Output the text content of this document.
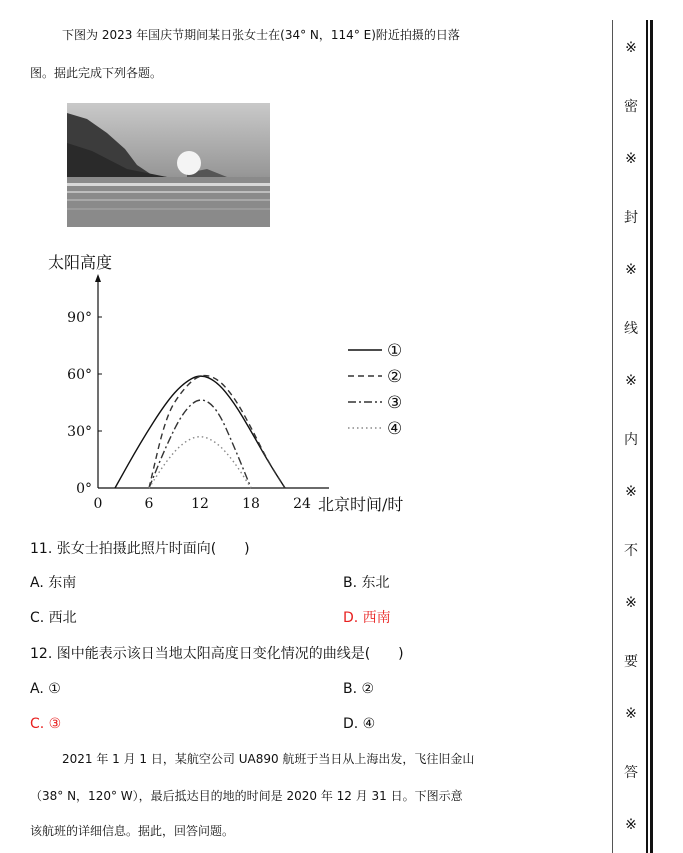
下图为 2023 年国庆节期间某日张女士在(34° N，114° E)附近拍摄的日落

图。据此完成下列各题。

太阳高度
北京时间/时
0	6	12 18 24
0°
30°
60°
90°
①
②
③
④
11. 张女士拍摄此照片时面向(　　)
A. 东南	B. 东北
C. 西北	D. 西南
12. 图中能表示该日当地太阳高度日变化情况的曲线是(　　)
A. ①	B. ②
C. ③	D. ④

2021 年 1 月 1 日，某航空公司 UA890 航班于当日从上海出发，飞往旧金山

（38° N，120° W），最后抵达目的地的时间是 2020 年 12 月 31 日。下图示意

该航班的详细信息。据此，回答问题。

※
密
※
封
※
线
※
内
※
不
※
要
※
答
※
